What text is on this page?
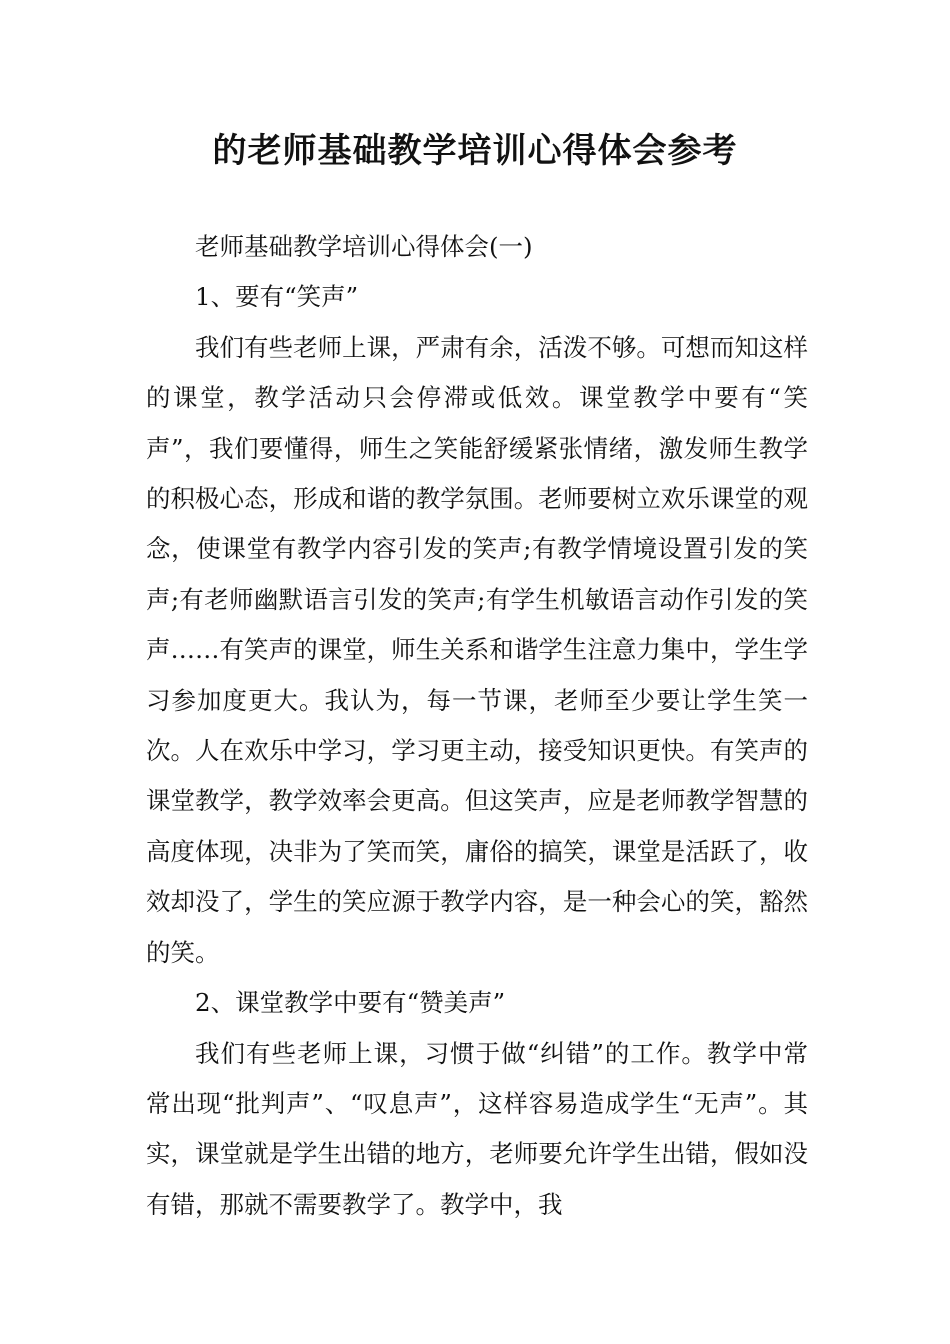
的老师基础教学培训心得体会参考

老师基础教学培训心得体会(一)

1、要有“笑声”

我们有些老师上课，严肃有余，活泼不够。可想而知这样的课堂，教学活动只会停滞或低效。课堂教学中要有“笑声”，我们要懂得，师生之笑能舒缓紧张情绪，激发师生教学的积极心态，形成和谐的教学氛围。老师要树立欢乐课堂的观念，使课堂有教学内容引发的笑声;有教学情境设置引发的笑声;有老师幽默语言引发的笑声;有学生机敏语言动作引发的笑声……有笑声的课堂，师生关系和谐学生注意力集中，学生学习参加度更大。我认为，每一节课，老师至少要让学生笑一次。人在欢乐中学习，学习更主动，接受知识更快。有笑声的课堂教学，教学效率会更高。但这笑声，应是老师教学智慧的高度体现，决非为了笑而笑，庸俗的搞笑，课堂是活跃了，收效却没了，学生的笑应源于教学内容，是一种会心的笑，豁然的笑。

2、课堂教学中要有“赞美声”

我们有些老师上课，习惯于做“纠错”的工作。教学中常常出现“批判声”、“叹息声”，这样容易造成学生“无声”。其实，课堂就是学生出错的地方，老师要允许学生出错，假如没有错，那就不需要教学了。教学中，我
